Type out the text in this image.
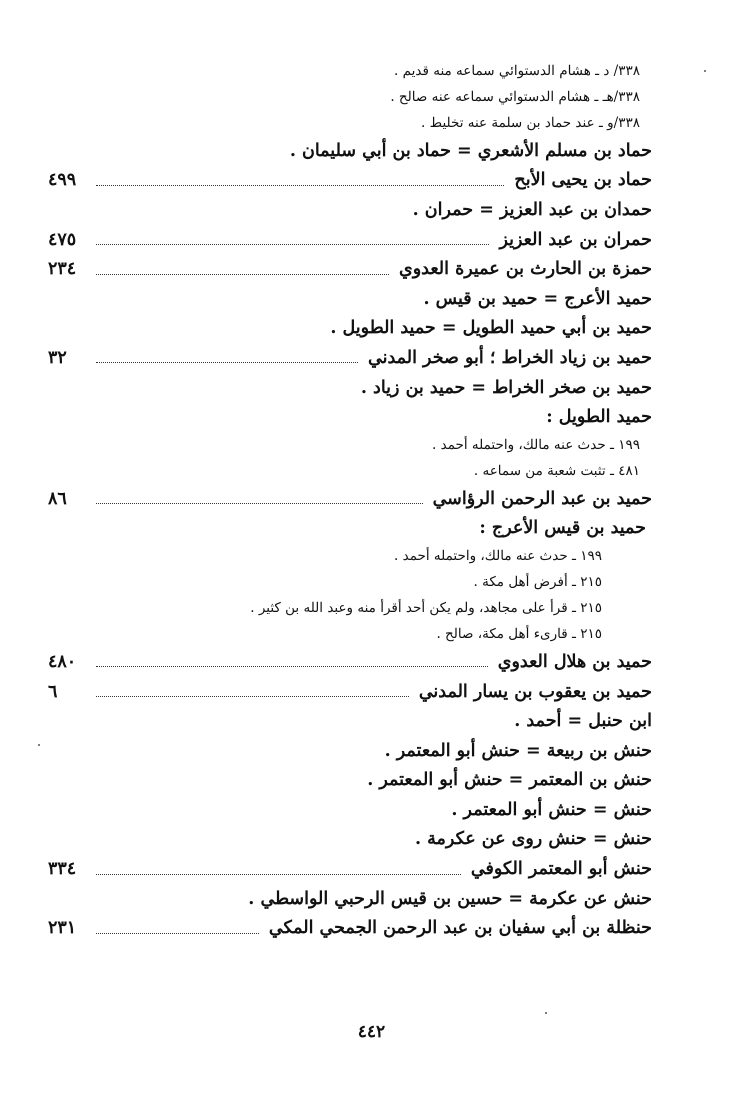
٣٣٨/ د ـ هشام الدستوائي سماعه منه قديم .
٣٣٨/هـ ـ هشام الدستوائي سماعه عنه صالح .
٣٣٨/و ـ عند حماد بن سلمة عنه تخليط .
حماد بن مسلم الأشعري = حماد بن أبي سليمان .
حماد بن يحيى الأبح
٤٩٩
حمدان بن عبد العزيز = حمران .
حمران بن عبد العزيز
٤٧٥
حمزة بن الحارث بن عميرة العدوي
٢٣٤
حميد الأعرج = حميد بن قيس .
حميد بن أبي حميد الطويل = حميد الطويل .
حميد بن زياد الخراط ؛ أبو صخر المدني
٣٢
حميد بن صخر الخراط = حميد بن زياد .
حميد الطويل :
١٩٩ ـ حدث عنه مالك، واحتمله أحمد .
٤٨١ ـ تثبت شعبة من سماعه .
حميد بن عبد الرحمن الرؤاسي
٨٦
حميد بن قيس الأعرج :
١٩٩ ـ حدث عنه مالك، واحتمله أحمد .
٢١٥ ـ أفرض أهل مكة .
٢١٥ ـ قرأ على مجاهد، ولم يكن أحد أقرأ منه وعبد الله بن كثير .
٢١٥ ـ قارىء أهل مكة، صالح .
حميد بن هلال العدوي
٤٨٠
حميد بن يعقوب بن يسار المدني
٦
ابن حنبل = أحمد .
حنش بن ربيعة = حنش أبو المعتمر .
حنش بن المعتمر = حنش أبو المعتمر .
حنش = حنش أبو المعتمر .
حنش = حنش روى عن عكرمة .
حنش أبو المعتمر الكوفي
٣٣٤
حنش عن عكرمة = حسين بن قيس الرحبي الواسطي .
حنظلة بن أبي سفيان بن عبد الرحمن الجمحي المكي
٢٣١
٤٤٢
